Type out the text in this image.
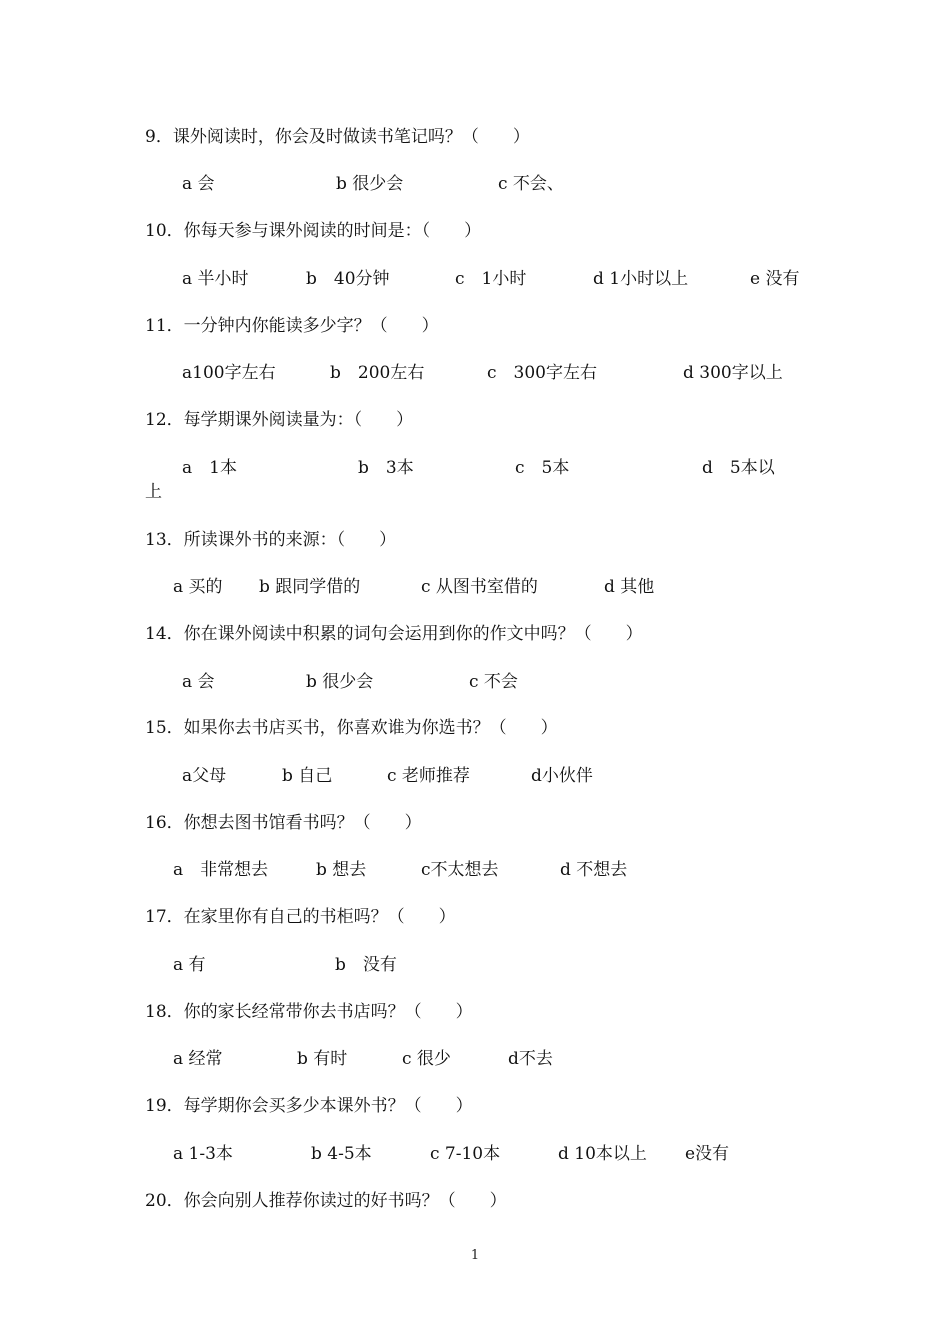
9．课外阅读时，你会及时做读书笔记吗？（　　）
a 会	b 很少会	c 不会、
10．你每天参与课外阅读的时间是：（　　）
a 半小时	b　40分钟	c　1小时	d 1小时以上	e 没有
11．一分钟内你能读多少字？（　　）
a100字左右	b　200左右	c　300字左右	d 300字以上
12．每学期课外阅读量为：（　　）
a　1本	b　3本	c　5本	d　5本以
上
13．所读课外书的来源：（　　）
a 买的 b 跟同学借的	c 从图书室借的	d 其他
14．你在课外阅读中积累的词句会运用到你的作文中吗？（　　）
a 会	b 很少会	c 不会
15．如果你去书店买书，你喜欢谁为你选书？（　　）
a父母	b 自己	c 老师推荐	d小伙伴
16．你想去图书馆看书吗？（　　）
a　非常想去	b 想去	c不太想去	d 不想去
17．在家里你有自己的书柜吗？（　　）
a 有	b　没有
18．你的家长经常带你去书店吗？（　　）
a 经常	b 有时	c 很少	d不去
19．每学期你会买多少本课外书？（　　）
a 1-3本	b 4-5本	c 7-10本	d 10本以上 e没有
20．你会向别人推荐你读过的好书吗？（　　）
1
